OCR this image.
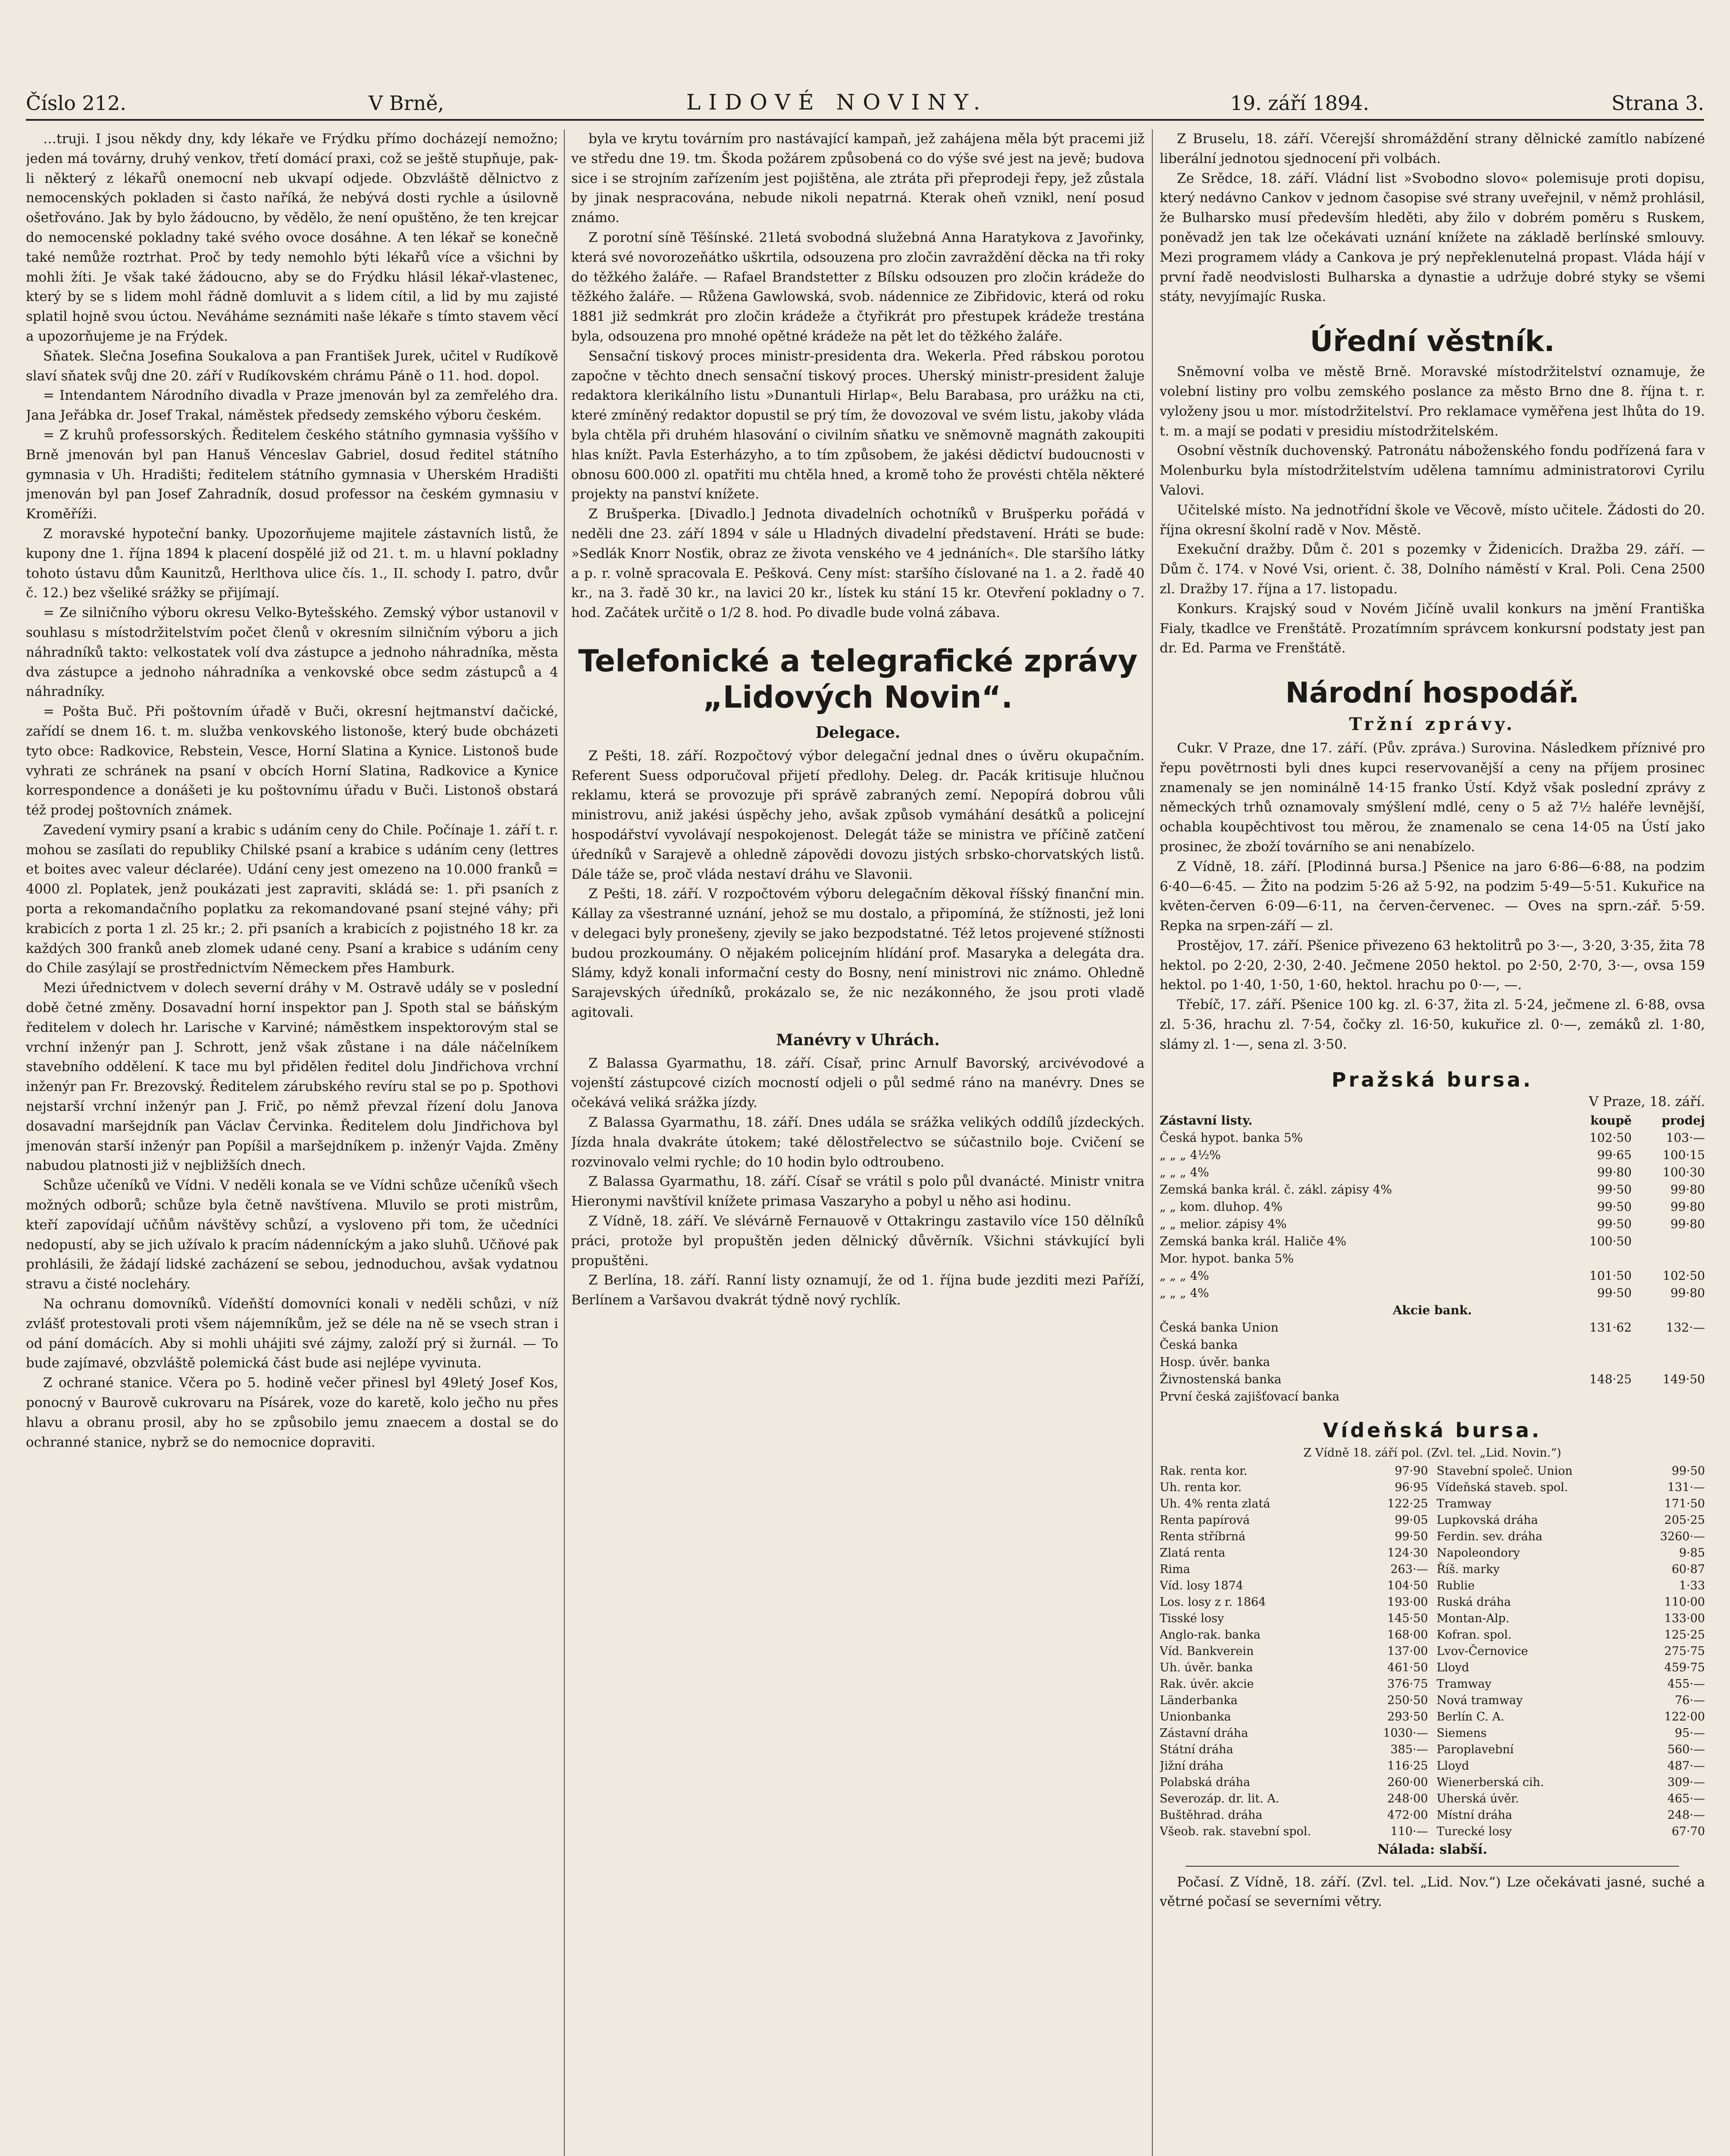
Číslo 212.	V Brně,	LIDOVÉ NOVINY.	19. září 1894.	Strana 3.

…truji. I jsou někdy dny, kdy lékaře ve Frýdku přímo docházejí nemožno; jeden má továrny, druhý venkov, třetí domácí praxi, což se ještě stupňuje, pak-li některý z lékařů onemocní neb ukvapí odjede. Obzvláště dělnictvo z nemocenských pokladen si často naříká, že nebývá dosti rychle a úsilovně ošetřováno. Jak by bylo žádoucno, by vědělo, že není opuštěno, že ten krejcar do nemocenské pokladny také svého ovoce dosáhne. A ten lékař se konečně také nemůže roztrhat. Proč by tedy nemohlo býti lékařů více a všichni by mohli žíti. Je však také žádoucno, aby se do Frýdku hlásil lékař-vlastenec, který by se s lidem mohl řádně domluvit a s lidem cítil, a lid by mu zajisté splatil hojně svou úctou. Neváháme seznámiti naše lékaře s tímto stavem věcí a upozorňujeme je na Frýdek.

Sňatek. Slečna Josefina Soukalova a pan František Jurek, učitel v Rudíkově slaví sňatek svůj dne 20. září v Rudíkovském chrámu Páně o 11. hod. dopol.

= Intendantem Národního divadla v Praze jmenován byl za zemřelého dra. Jana Jeřábka dr. Josef Trakal, náměstek předsedy zemského výboru českém.

= Z kruhů professorských. Ředitelem českého státního gymnasia vyššího v Brně jmenován byl pan Hanuš Vénceslav Gabriel, dosud ředitel státního gymnasia v Uh. Hradišti; ředitelem státního gymnasia v Uherském Hradišti jmenován byl pan Josef Zahradník, dosud professor na českém gymnasiu v Kroměříži.

Z moravské hypoteční banky. Upozorňujeme majitele zástavních listů, že kupony dne 1. října 1894 k placení dospělé již od 21. t. m. u hlavní pokladny tohoto ústavu dům Kaunitzů, Herlthova ulice čís. 1., II. schody I. patro, dvůr č. 12.) bez všeliké srážky se přijímají.

= Ze silničního výboru okresu Velko-Bytešského. Zemský výbor ustanovil v souhlasu s místodržitelstvím počet členů v okresním silničním výboru a jich náhradníků takto: velkostatek volí dva zástupce a jednoho náhradníka, města dva zástupce a jednoho náhradníka a venkovské obce sedm zástupců a 4 náhradníky.

= Pošta Buč. Při poštovním úřadě v Buči, okresní hejtmanství dačické, zařídí se dnem 16. t. m. služba venkovského listonoše, který bude obcházeti tyto obce: Radkovice, Rebstein, Vesce, Horní Slatina a Kynice. Listonoš bude vyhrati ze schránek na psaní v obcích Horní Slatina, Radkovice a Kynice korrespondence a donášeti je ku poštovnímu úřadu v Buči. Listonoš obstará též prodej poštovních známek.

Zavedení vymiry psaní a krabic s udáním ceny do Chile. Počínaje 1. září t. r. mohou se zasílati do republiky Chilské psaní a krabice s udáním ceny (lettres et boites avec valeur déclarée). Udání ceny jest omezeno na 10.000 franků = 4000 zl. Poplatek, jenž poukázati jest zapraviti, skládá se: 1. při psaních z porta a rekomandačního poplatku za rekomandované psaní stejné váhy; při krabicích z porta 1 zl. 25 kr.; 2. při psaních a krabicích z pojistného 18 kr. za každých 300 franků aneb zlomek udané ceny. Psaní a krabice s udáním ceny do Chile zasýlají se prostřednictvím Německem přes Hamburk.

Mezi úřednictvem v dolech severní dráhy v M. Ostravě udály se v poslední době četné změny. Dosavadní horní inspektor pan J. Spoth stal se báňským ředitelem v dolech hr. Larische v Karviné; náměstkem inspektorovým stal se vrchní inženýr pan J. Schrott, jenž však zůstane i na dále náčelníkem stavebního oddělení. K tace mu byl přidělen ředitel dolu Jindřichova vrchní inženýr pan Fr. Brezovský. Ředitelem zárubského revíru stal se po p. Spothovi nejstarší vrchní inženýr pan J. Frič, po němž převzal řízení dolu Janova dosavadní maršejdník pan Václav Červinka. Ředitelem dolu Jindřichova byl jmenován starší inženýr pan Popíšil a maršejdníkem p. inženýr Vajda. Změny nabudou platnosti již v nejbližších dnech.

Schůze učeníků ve Vídni. V neděli konala se ve Vídni schůze učeníků všech možných odborů; schůze byla četně navštívena. Mluvilo se proti mistrům, kteří zapovídají učňům návštěvy schůzí, a vysloveno při tom, že učedníci nedopustí, aby se jich užívalo k pracím nádenníckým a jako sluhů. Učňové pak prohlásili, že žádají lidské zacházení se sebou, jednoduchou, avšak vydatnou stravu a čisté nocleháry.

Na ochranu domovníků. Vídeňští domovníci konali v neděli schůzi, v níž zvlášť protestovali proti všem nájemníkům, jež se déle na ně se vsech stran i od pání domácích. Aby si mohli uhájiti své zájmy, založí prý si žurnál. — To bude zajímavé, obzvláště polemická část bude asi nejlépe vyvinuta.

Z ochrané stanice. Včera po 5. hodině večer přinesl byl 49letý Josef Kos, ponocný v Baurově cukrovaru na Písárek, voze do karetě, kolo ječho nu přes hlavu a obranu prosil, aby ho se způsobilo jemu znaecem a dostal se do ochranné stanice, nybrž se do nemocnice dopraviti.

byla ve krytu továrním pro nastávající kampaň, jež zahájena měla být pracemi již ve středu dne 19. tm. Škoda požárem způsobená co do výše své jest na jevě; budova sice i se strojním zařízením jest pojištěna, ale ztráta při přeprodeji řepy, jež zůstala by jinak nespracována, nebude nikoli nepatrná. Kterak oheň vznikl, není posud známo.

Z porotní síně Těšínské. 21letá svobodná služebná Anna Haratykova z Javořinky, která své novorozeňátko uškrtila, odsouzena pro zločin zavraždění děcka na tři roky do těžkého žaláře. — Rafael Brandstetter z Bílsku odsouzen pro zločin krádeže do těžkého žaláře. — Růžena Gawlowská, svob. nádennice ze Zibřidovic, která od roku 1881 již sedmkrát pro zločin krádeže a čtyřikrát pro přestupek krádeže trestána byla, odsouzena pro mnohé opětné krádeže na pět let do těžkého žaláře.

Sensační tiskový proces ministr-presidenta dra. Wekerla. Před rábskou porotou započne v těchto dnech sensační tiskový proces. Uherský ministr-president žaluje redaktora klerikálního listu »Dunantuli Hirlap«, Belu Barabasa, pro urážku na cti, které zmíněný redaktor dopustil se prý tím, že dovozoval ve svém listu, jakoby vláda byla chtěla při druhém hlasování o civilním sňatku ve sněmovně magnáth zakoupiti hlas knížt. Pavla Esterházyho, a to tím způsobem, že jakési dědictví budoucnosti v obnosu 600.000 zl. opatřiti mu chtěla hned, a kromě toho že provésti chtěla některé projekty na panství knížete.

Z Brušperka. [Divadlo.] Jednota divadelních ochotníků v Brušperku pořádá v neděli dne 23. září 1894 v sále u Hladných divadelní představení. Hráti se bude: »Sedlák Knorr Nosťik, obraz ze života venského ve 4 jednáních«. Dle staršího látky a p. r. volně spracovala E. Pešková. Ceny míst: staršího číslované na 1. a 2. řadě 40 kr., na 3. řadě 30 kr., na lavici 20 kr., lístek ku stání 15 kr. Otevření pokladny o 7. hod. Začátek určitě o 1/2 8. hod. Po divadle bude volná zábava.

Telefonické a telegrafické zprávy „Lidových Novin“.
Delegace.

Z Pešti, 18. září. Rozpočtový výbor delegační jednal dnes o úvěru okupačním. Referent Suess odporučoval přijetí předlohy. Deleg. dr. Pacák kritisuje hlučnou reklamu, která se provozuje při správě zabraných zemí. Nepopírá dobrou vůli ministrovu, aniž jakési úspěchy jeho, avšak způsob vymáhání desátků a policejní hospodářství vyvolávají nespokojenost. Delegát táže se ministra ve příčině zatčení úředníků v Sarajevě a ohledně zápovědi dovozu jistých srbsko-chorvatských listů. Dále táže se, proč vláda nestaví dráhu ve Slavonii.

Z Pešti, 18. září. V rozpočtovém výboru delegačním děkoval říšský finanční min. Kállay za všestranné uznání, jehož se mu dostalo, a připomíná, že stížnosti, jež loni v delegaci byly pronešeny, zjevily se jako bezpodstatné. Též letos projevené stížnosti budou prozkoumány. O nějakém policejním hlídání prof. Masaryka a delegáta dra. Slámy, když konali informační cesty do Bosny, není ministrovi nic známo. Ohledně Sarajevských úředníků, prokázalo se, že nic nezákonného, že jsou proti vladě agitovali.

Manévry v Uhrách.

Z Balassa Gyarmathu, 18. září. Císař, princ Arnulf Bavorský, arcivévodové a vojenští zástupcové cizích mocností odjeli o půl sedmé ráno na manévry. Dnes se očekává veliká srážka jízdy.

Z Balassa Gyarmathu, 18. září. Dnes udála se srážka velikých oddílů jízdeckých. Jízda hnala dvakráte útokem; také dělostřelectvo se súčastnilo boje. Cvičení se rozvinovalo velmi rychle; do 10 hodin bylo odtroubeno.

Z Balassa Gyarmathu, 18. září. Císař se vrátil s polo půl dvanácté. Ministr vnitra Hieronymi navštívil knížete primasa Vaszaryho a pobyl u něho asi hodinu.

Z Vídně, 18. září. Ve slévárně Fernauově v Ottakringu zastavilo více 150 dělníků práci, protože byl propuštěn jeden dělnický důvěrník. Všichni stávkující byli propuštěni.

Z Berlína, 18. září. Ranní listy oznamují, že od 1. října bude jezditi mezi Paříží, Berlínem a Varšavou dvakrát týdně nový rychlík.

Z Bruselu, 18. září. Včerejší shromáždění strany dělnické zamítlo nabízené liberální jednotou sjednocení při volbách.

Ze Srědce, 18. září. Vládní list »Svobodno slovo« polemisuje proti dopisu, který nedávno Cankov v jednom časopise své strany uveřejnil, v němž prohlásil, že Bulharsko musí především hleděti, aby žilo v dobrém poměru s Ruskem, poněvadž jen tak lze očekávati uznání knížete na základě berlínské smlouvy. Mezi programem vlády a Cankova je prý nepřeklenutelná propast. Vláda hájí v první řadě neodvislosti Bulharska a dynastie a udržuje dobré styky se všemi státy, nevyjímajíc Ruska.

Úřední věstník.

Sněmovní volba ve městě Brně. Moravské místodržitelství oznamuje, že volební listiny pro volbu zemského poslance za město Brno dne 8. října t. r. vyloženy jsou u mor. místodržitelství. Pro reklamace vyměřena jest lhůta do 19. t. m. a mají se podati v presidiu místodržitelském.

Osobní věstník duchovenský. Patronátu náboženského fondu podřízená fara v Molenburku byla místodržitelstvím udělena tamnímu administratorovi Cyrilu Valovi.

Učitelské místo. Na jednotřídní škole ve Věcově, místo učitele. Žádosti do 20. října okresní školní radě v Nov. Městě.

Exekuční dražby. Dům č. 201 s pozemky v Židenicích. Dražba 29. září. — Dům č. 174. v Nové Vsi, orient. č. 38, Dolního náměstí v Kral. Poli. Cena 2500 zl. Dražby 17. října a 17. listopadu.

Konkurs. Krajský soud v Novém Jičíně uvalil konkurs na jmění Františka Fialy, tkadlce ve Frenštátě. Prozatímním správcem konkursní podstaty jest pan dr. Ed. Parma ve Frenštátě.

Národní hospodář.
Tržní zprávy.

Cukr. V Praze, dne 17. září. (Pův. zpráva.) Surovina. Následkem příznivé pro řepu povětrnosti byli dnes kupci reservovanější a ceny na příjem prosinec znamenaly se jen nominálně 14·15 franko Ústí. Když však poslední zprávy z německých trhů oznamovaly smýšlení mdlé, ceny o 5 až 7½ haléře levnější, ochabla koupěchtivost tou měrou, že znamenalo se cena 14·05 na Ústí jako prosinec, že zboží továrního se ani nenabízelo.

Z Vídně, 18. září. [Plodinná bursa.] Pšenice na jaro 6·86—6·88, na podzim 6·40—6·45. — Žito na podzim 5·26 až 5·92, na podzim 5·49—5·51. Kukuřice na květen-červen 6·09—6·11, na červen-červenec. — Oves na sprn.-zář. 5·59. Repka na srpen-září — zl.

Prostějov, 17. září. Pšenice přivezeno 63 hektolitrů po 3·—, 3·20, 3·35, žita 78 hektol. po 2·20, 2·30, 2·40. Ječmene 2050 hektol. po 2·50, 2·70, 3·—, ovsa 159 hektol. po 1·40, 1·50, 1·60, hektol. hrachu po 0·—, —.

Třebíč, 17. září. Pšenice 100 kg. zl. 6·37, žita zl. 5·24, ječmene zl. 6·88, ovsa zl. 5·36, hrachu zl. 7·54, čočky zl. 16·50, kukuřice zl. 0·—, zemáků zl. 1·80, slámy zl. 1·—, sena zl. 3·50.

Pražská bursa.
V Praze, 18. září.
Zástavní listy.	koupě	prodej
Česká hypot. banka 5%	102·50	103·—
„ „ „ 4½%	99·65	100·15
„ „ „ 4%	99·80	100·30
Zemská banka král. č. zákl. zápisy 4%	99·50	99·80
„ „ kom. dluhop. 4%	99·50	99·80
„ „ melior. zápisy 4%	99·50	99·80
Zemská banka král. Haliče 4%	100·50
Mor. hypot. banka 5%
„ „ „ 4%	101·50	102·50
„ „ „ 4%	99·50	99·80
Akcie bank.
Česká banka Union	131·62	132·—
Česká banka
Hosp. úvěr. banka
Živnostenská banka	148·25	149·50
První česká zajišťovací banka
Vídeňská bursa.
Z Vídně 18. září pol. (Zvl. tel. „Lid. Novin.“)
Rak. renta kor.	97·90
Uh. renta kor.	96·95
Uh. 4% renta zlatá	122·25
Renta papírová	99·05
Renta stříbrná	99·50
Zlatá renta	124·30
Rima	263·—
Víd. losy 1874	104·50
Los. losy z r. 1864	193·00
Tisské losy	145·50
Anglo-rak. banka	168·00
Víd. Bankverein	137·00
Uh. úvěr. banka	461·50
Rak. úvěr. akcie	376·75
Länderbanka	250·50
Unionbanka	293·50
Zástavní dráha	1030·—
Státní dráha	385·—
Jižní dráha	116·25
Polabská dráha	260·00
Severozáp. dr. lit. A.	248·00
Buštěhrad. dráha	472·00
Všeob. rak. stavební spol.	110·—
Stavební společ. Union	99·50
Vídeňská staveb. spol.	131·—
Tramway	171·50
Lupkovská dráha	205·25
Ferdin. sev. dráha	3260·—
Napoleondory	9·85
Říš. marky	60·87
Rublie	1·33
Ruská dráha	110·00
Montan-Alp.	133·00
Kofran. spol.	125·25
Lvov-Černovice	275·75
Lloyd	459·75
Tramway	455·—
Nová tramway	76·—
Berlín C. A.	122·00
Siemens	95·—
Paroplavební	560·—
Lloyd	487·—
Wienerberská cih.	309·—
Uherská úvěr.	465·—
Místní dráha	248·—
Turecké losy	67·70
Nálada: slabší.

Počasí. Z Vídně, 18. září. (Zvl. tel. „Lid. Nov.“) Lze očekávati jasné, suché a větrné počasí se severními větry.
